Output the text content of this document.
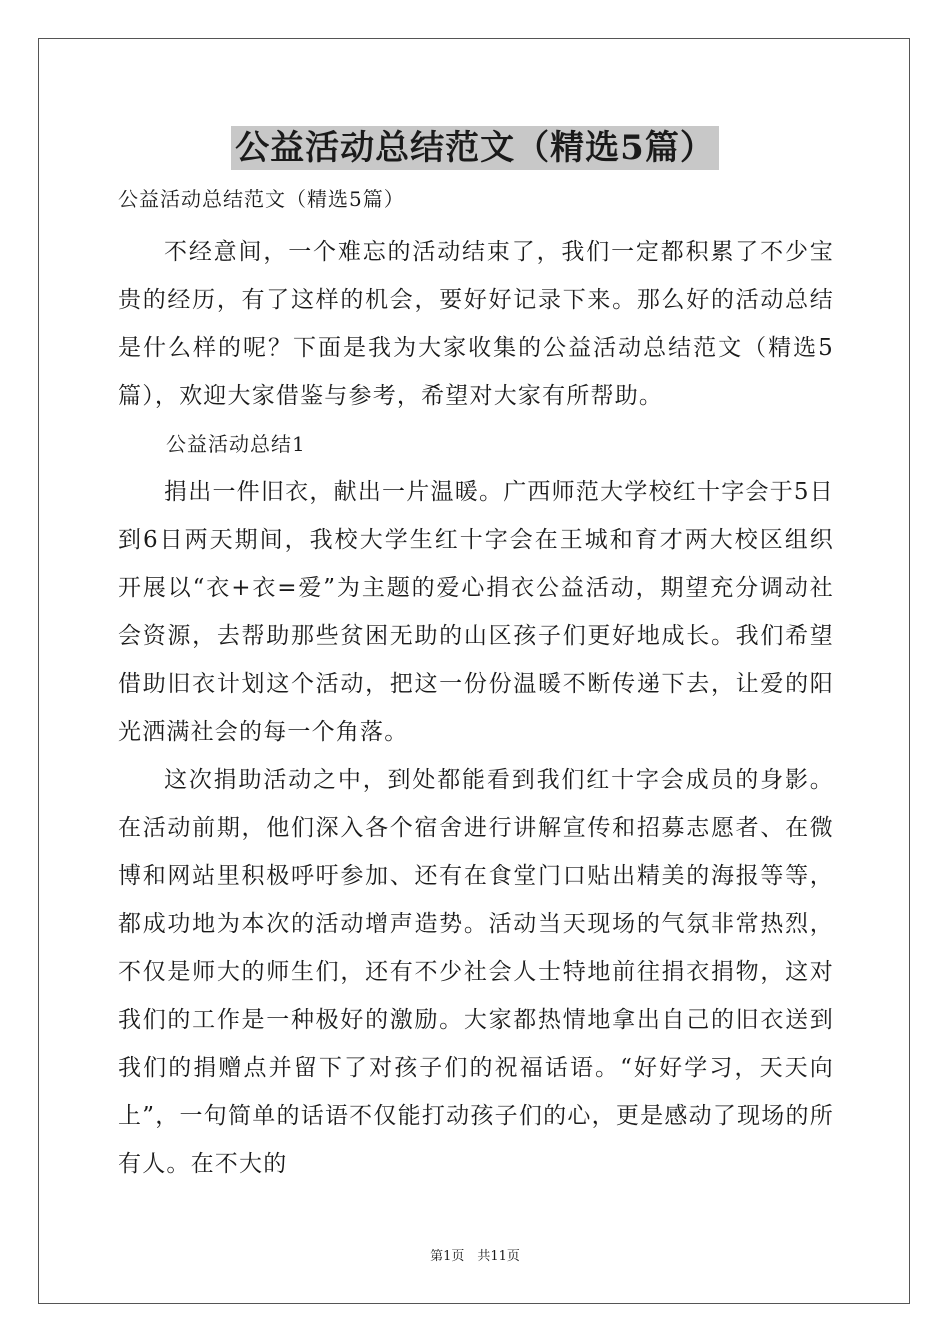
公益活动总结范文（精选5篇）
公益活动总结范文（精选5篇）

不经意间，一个难忘的活动结束了，我们一定都积累了不少宝贵的经历，有了这样的机会，要好好记录下来。那么好的活动总结是什么样的呢？下面是我为大家收集的公益活动总结范文（精选5篇），欢迎大家借鉴与参考，希望对大家有所帮助。

公益活动总结1

捐出一件旧衣，献出一片温暖。广西师范大学校红十字会于5日到6日两天期间，我校大学生红十字会在王城和育才两大校区组织开展以“衣+衣=爱”为主题的爱心捐衣公益活动，期望充分调动社会资源，去帮助那些贫困无助的山区孩子们更好地成长。我们希望借助旧衣计划这个活动，把这一份份温暖不断传递下去，让爱的阳光洒满社会的每一个角落。

这次捐助活动之中，到处都能看到我们红十字会成员的身影。在活动前期，他们深入各个宿舍进行讲解宣传和招募志愿者、在微博和网站里积极呼吁参加、还有在食堂门口贴出精美的海报等等，都成功地为本次的活动增声造势。活动当天现场的气氛非常热烈，不仅是师大的师生们，还有不少社会人士特地前往捐衣捐物，这对我们的工作是一种极好的激励。大家都热情地拿出自己的旧衣送到我们的捐赠点并留下了对孩子们的祝福话语。“好好学习，天天向上”，一句简单的话语不仅能打动孩子们的心，更是感动了现场的所有人。在不大的

第1页　共11页
